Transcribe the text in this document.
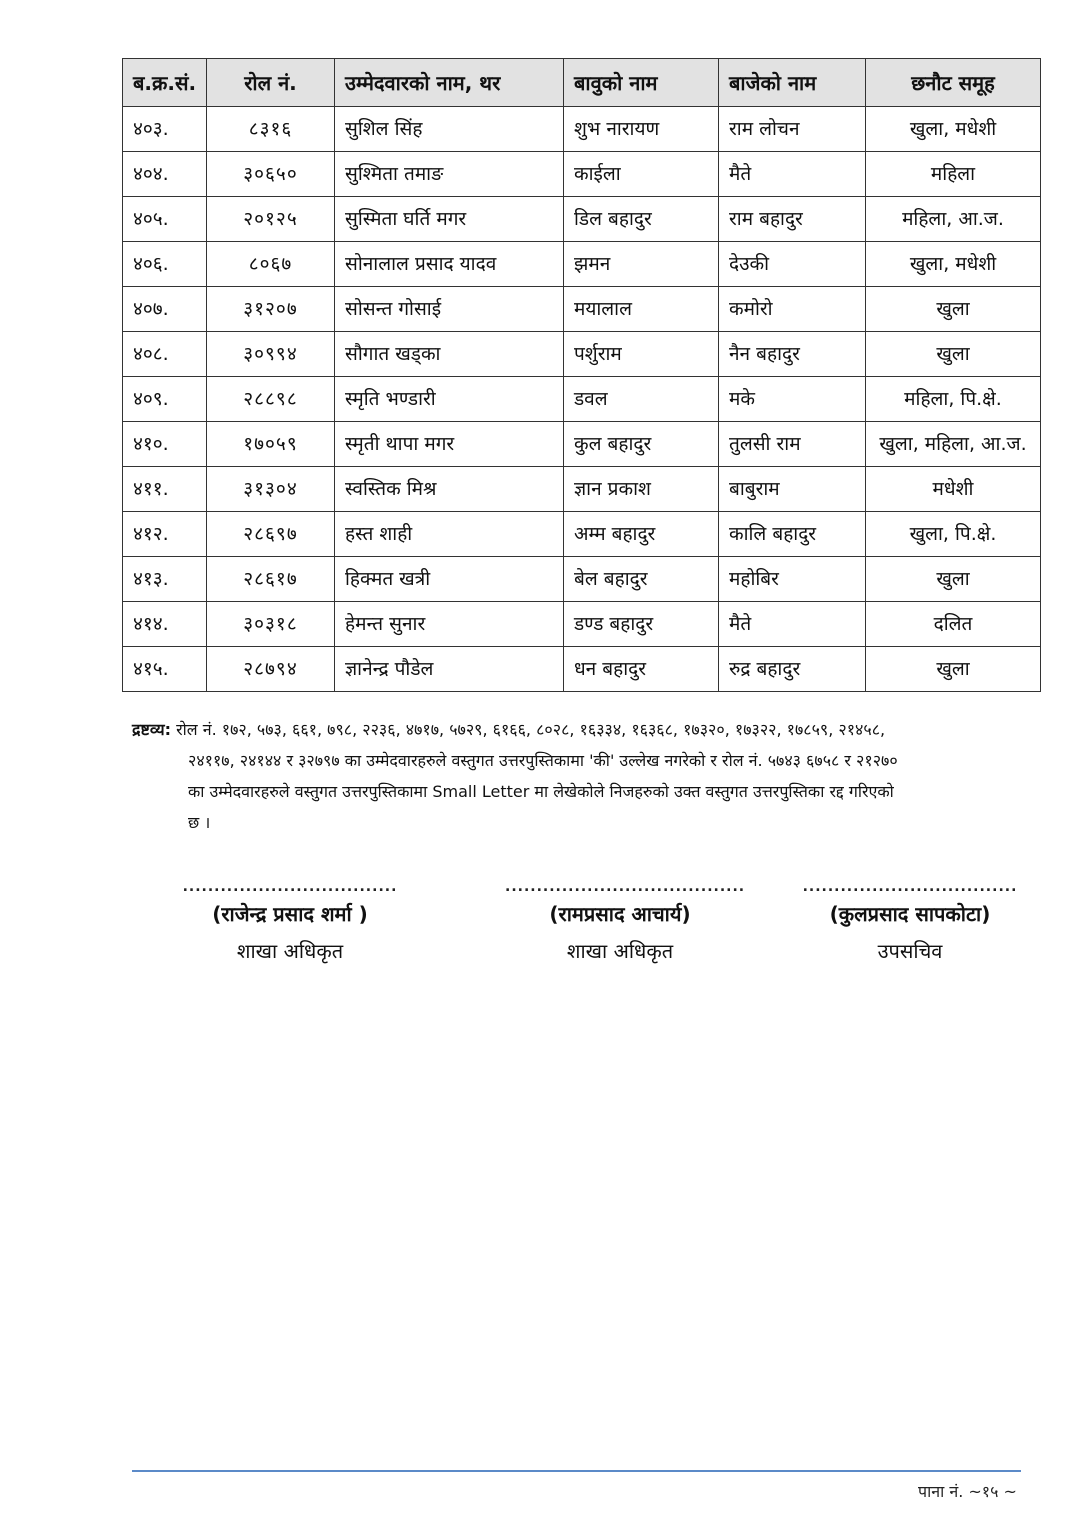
ब.क्र.सं.	रोल नं.	उम्मेदवारको नाम, थर	बावुको नाम	बाजेको नाम	छनौट समूह
४०३.	८३१६	सुशिल सिंह	शुभ नारायण	राम लोचन	खुला, मधेशी
४०४.	३०६५०	सुश्मिता तमाङ	काईला	मैते	महिला
४०५.	२०१२५	सुस्मिता घर्ति मगर	डिल बहादुर	राम बहादुर	महिला, आ.ज.
४०६.	८०६७	सोनालाल प्रसाद यादव	झमन	देउकी	खुला, मधेशी
४०७.	३१२०७	सोसन्त गोसाई	मयालाल	कमोरो	खुला
४०८.	३०९९४	सौगात खड्का	पर्शुराम	नैन बहादुर	खुला
४०९.	२८८९८	स्मृति भण्डारी	डवल	मके	महिला, पि.क्षे.
४१०.	१७०५९	स्मृती थापा मगर	कुल बहादुर	तुलसी राम	खुला, महिला, आ.ज.
४११.	३१३०४	स्वस्तिक मिश्र	ज्ञान प्रकाश	बाबुराम	मधेशी
४१२.	२८६९७	हस्त शाही	अम्म बहादुर	कालि बहादुर	खुला, पि.क्षे.
४१३.	२८६१७	हिक्मत खत्री	बेल बहादुर	महोबिर	खुला
४१४.	३०३१८	हेमन्त सुनार	डण्ड बहादुर	मैते	दलित
४१५.	२८७९४	ज्ञानेन्द्र पौडेल	धन बहादुर	रुद्र बहादुर	खुला
द्रष्टव्य: रोल नं. १७२, ५७३, ६६१, ७९८, २२३६, ४७१७, ५७२९, ६१६६, ८०२८, १६३३४, १६३६८, १७३२०, १७३२२, १७८५९, २१४५८,
२४११७, २४१४४ र ३२७९७ का उम्मेदवारहरुले वस्तुगत उत्तरपुस्तिकामा 'की' उल्लेख नगरेको र रोल नं. ५७४३ ६७५८ र २१२७०
का उम्मेदवारहरुले वस्तुगत उत्तरपुस्तिकामा Small Letter मा लेखेकोले निजहरुको उक्त वस्तुगत उत्तरपुस्तिका रद्द गरिएको
छ ।
..................................
(राजेन्द्र प्रसाद शर्मा )
शाखा अधिकृत
......................................
(रामप्रसाद आचार्य)
शाखा अधिकृत
..................................
(कुलप्रसाद सापकोटा)
उपसचिव
पाना नं. ~१५ ~
